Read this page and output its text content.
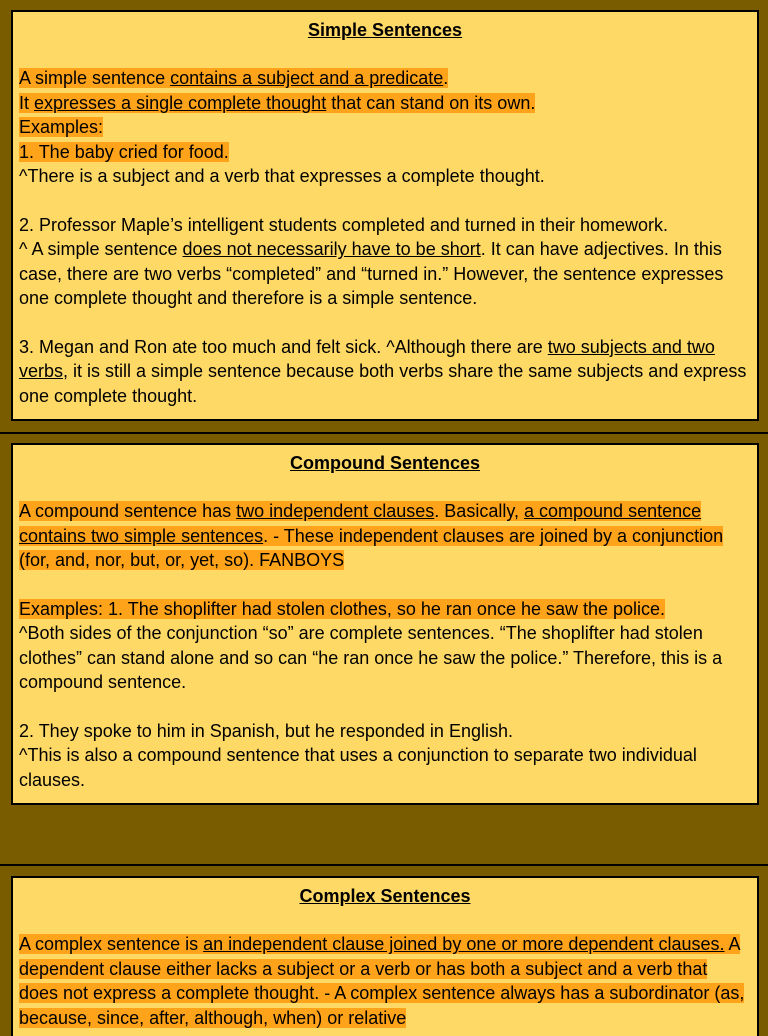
Simple Sentences

A simple sentence contains a subject and a predicate.

It expresses a single complete thought that can stand on its own.

Examples:

1. The baby cried for food.

^There is a subject and a verb that expresses a complete thought.

2. Professor Maple’s intelligent students completed and turned in their homework.

^ A simple sentence does not necessarily have to be short. It can have adjectives. In this case, there are two verbs “completed” and “turned in.” However, the sentence expresses one complete thought and therefore is a simple sentence.

3. Megan and Ron ate too much and felt sick. ^Although there are two subjects and two verbs, it is still a simple sentence because both verbs share the same subjects and express one complete thought.

Compound Sentences

A compound sentence has two independent clauses. Basically, a compound sentence contains two simple sentences. - These independent clauses are joined by a conjunction (for, and, nor, but, or, yet, so). FANBOYS

Examples: 1. The shoplifter had stolen clothes, so he ran once he saw the police.

^Both sides of the conjunction “so” are complete sentences. “The shoplifter had stolen clothes” can stand alone and so can “he ran once he saw the police.” Therefore, this is a compound sentence.

2. They spoke to him in Spanish, but he responded in English.

^This is also a compound sentence that uses a conjunction to separate two individual clauses.

Complex Sentences

A complex sentence is an independent clause joined by one or more dependent clauses. A dependent clause either lacks a subject or a verb or has both a subject and a verb that does not express a complete thought. - A complex sentence always has a subordinator (as, because, since, after, although, when) or relative
